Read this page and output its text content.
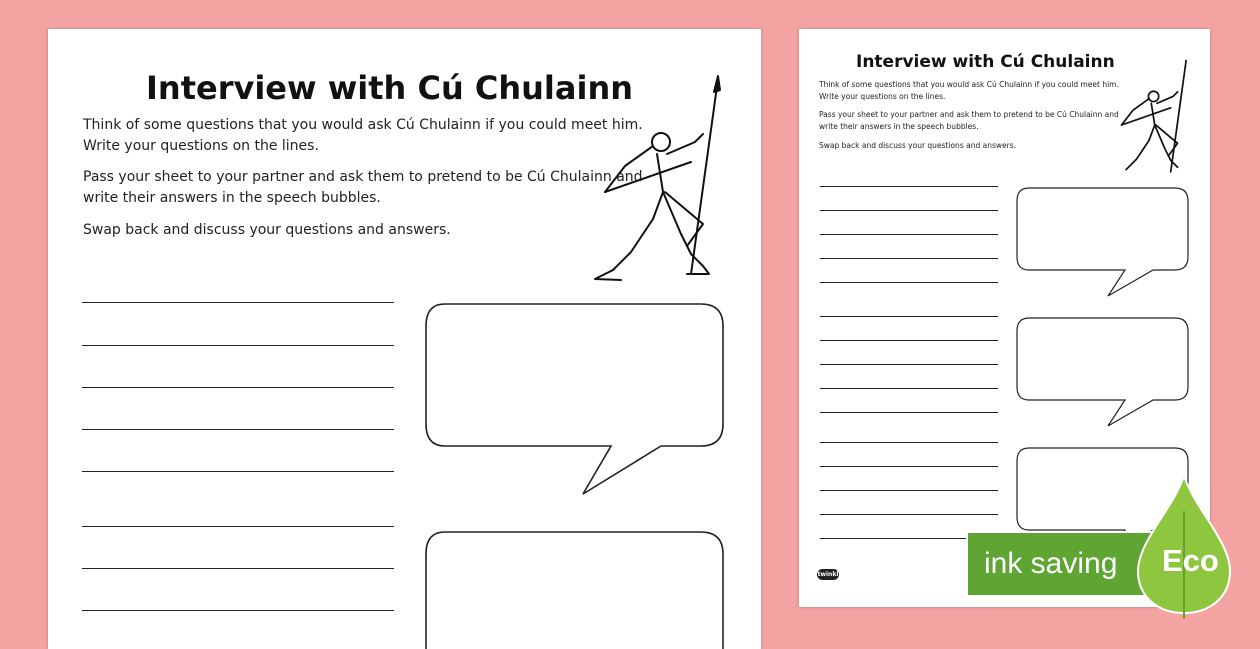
Interview with Cú Chulainn

Think of some questions that you would ask Cú Chulainn if you could meet him. Write your questions on the lines.

Pass your sheet to your partner and ask them to pretend to be Cú Chulainn and write their answers in the speech bubbles.

Swap back and discuss your questions and answers.

Interview with Cú Chulainn

Think of some questions that you would ask Cú Chulainn if you could meet him. Write your questions on the lines.

Pass your sheet to your partner and ask them to pretend to be Cú Chulainn and write their answers in the speech bubbles.

Swap back and discuss your questions and answers.

twinkl	ink saving Eco
